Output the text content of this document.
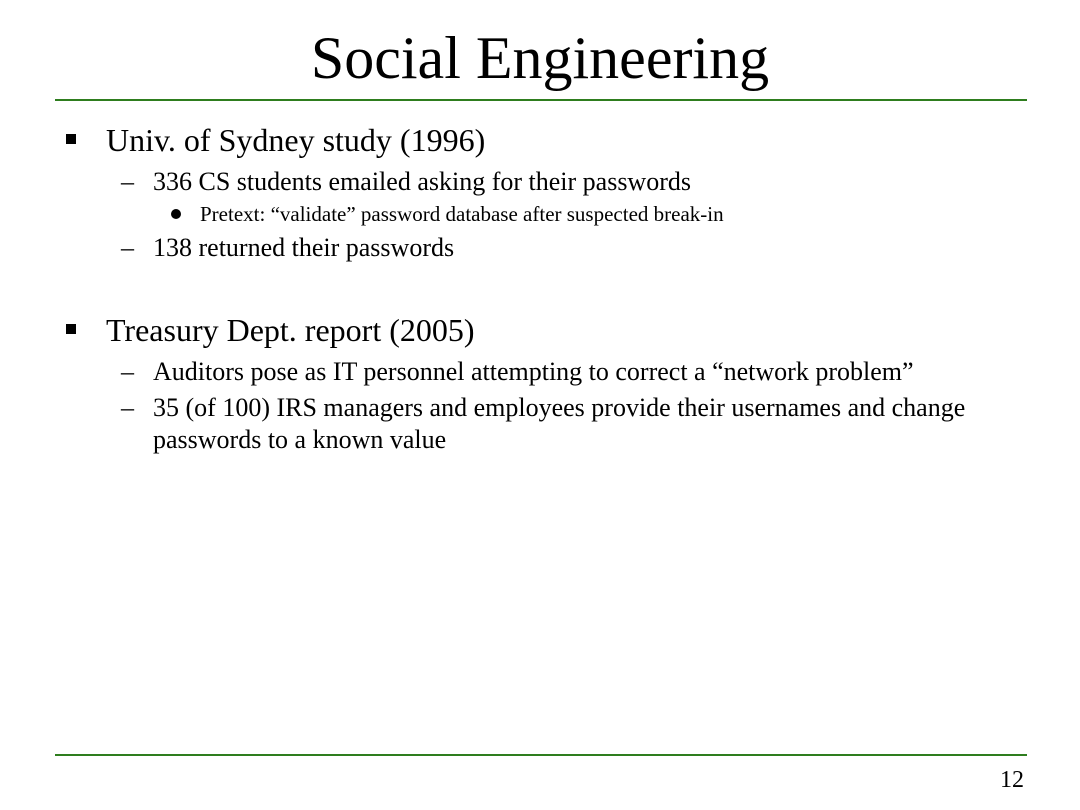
Social Engineering
Univ. of Sydney study (1996)
– 336 CS students emailed asking for their passwords
Pretext: “validate” password database after suspected break-in
– 138 returned their passwords
Treasury Dept. report (2005)
– Auditors pose as IT personnel attempting to correct a “network problem”
– 35 (of 100) IRS managers and employees provide their usernames and change passwords to a known value
12
